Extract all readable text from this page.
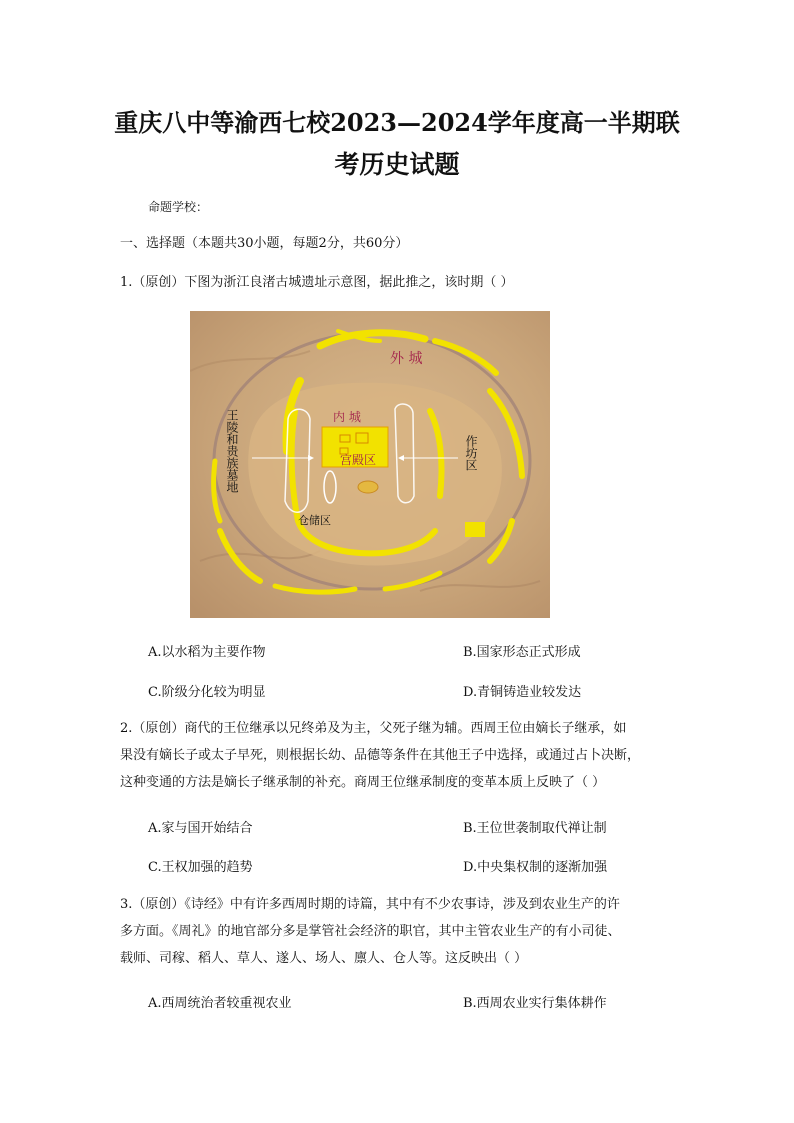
重庆八中等渝西七校2023—2024学年度高一半期联
考历史试题
命题学校：
一、选择题（本题共30小题，每题2分，共60分）
1.（原创）下图为浙江良渚古城遗址示意图，据此推之，该时期（ ）
外 城
内 城
宫殿区
仓储区
王陵和贵族墓地	作坊区
A.以水稻为主要作物	B.国家形态正式形成
C.阶级分化较为明显	D.青铜铸造业较发达
2.（原创）商代的王位继承以兄终弟及为主，父死子继为辅。西周王位由嫡长子继承，如
果没有嫡长子或太子早死，则根据长幼、品德等条件在其他王子中选择，或通过占卜决断，
这种变通的方法是嫡长子继承制的补充。商周王位继承制度的变革本质上反映了（ ）
A.家与国开始结合	B.王位世袭制取代禅让制
C.王权加强的趋势	D.中央集权制的逐渐加强
3.（原创）《诗经》中有许多西周时期的诗篇，其中有不少农事诗，涉及到农业生产的许
多方面。《周礼》的地官部分多是掌管社会经济的职官，其中主管农业生产的有小司徒、
载师、司稼、稻人、草人、遂人、场人、廪人、仓人等。这反映出（ ）
A.西周统治者较重视农业	B.西周农业实行集体耕作
